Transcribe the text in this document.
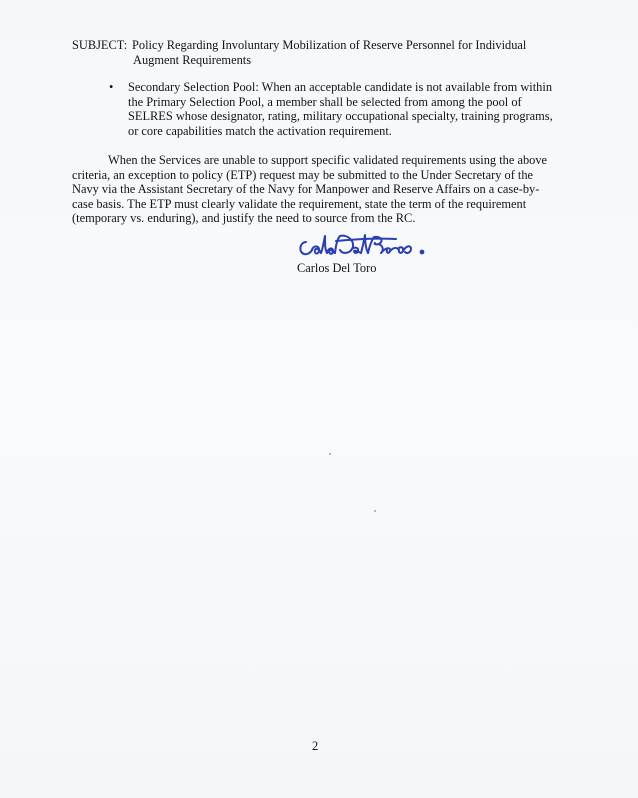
SUBJECT: Policy Regarding Involuntary Mobilization of Reserve Personnel for Individual
Augment Requirements
• Secondary Selection Pool: When an acceptable candidate is not available from within
the Primary Selection Pool, a member shall be selected from among the pool of
SELRES whose designator, rating, military occupational specialty, training programs,
or core capabilities match the activation requirement.
When the Services are unable to support specific validated requirements using the above
criteria, an exception to policy (ETP) request may be submitted to the Under Secretary of the
Navy via the Assistant Secretary of the Navy for Manpower and Reserve Affairs on a case-by-
case basis. The ETP must clearly validate the requirement, state the term of the requirement
(temporary vs. enduring), and justify the need to source from the RC.
Carlos Del Toro
2
